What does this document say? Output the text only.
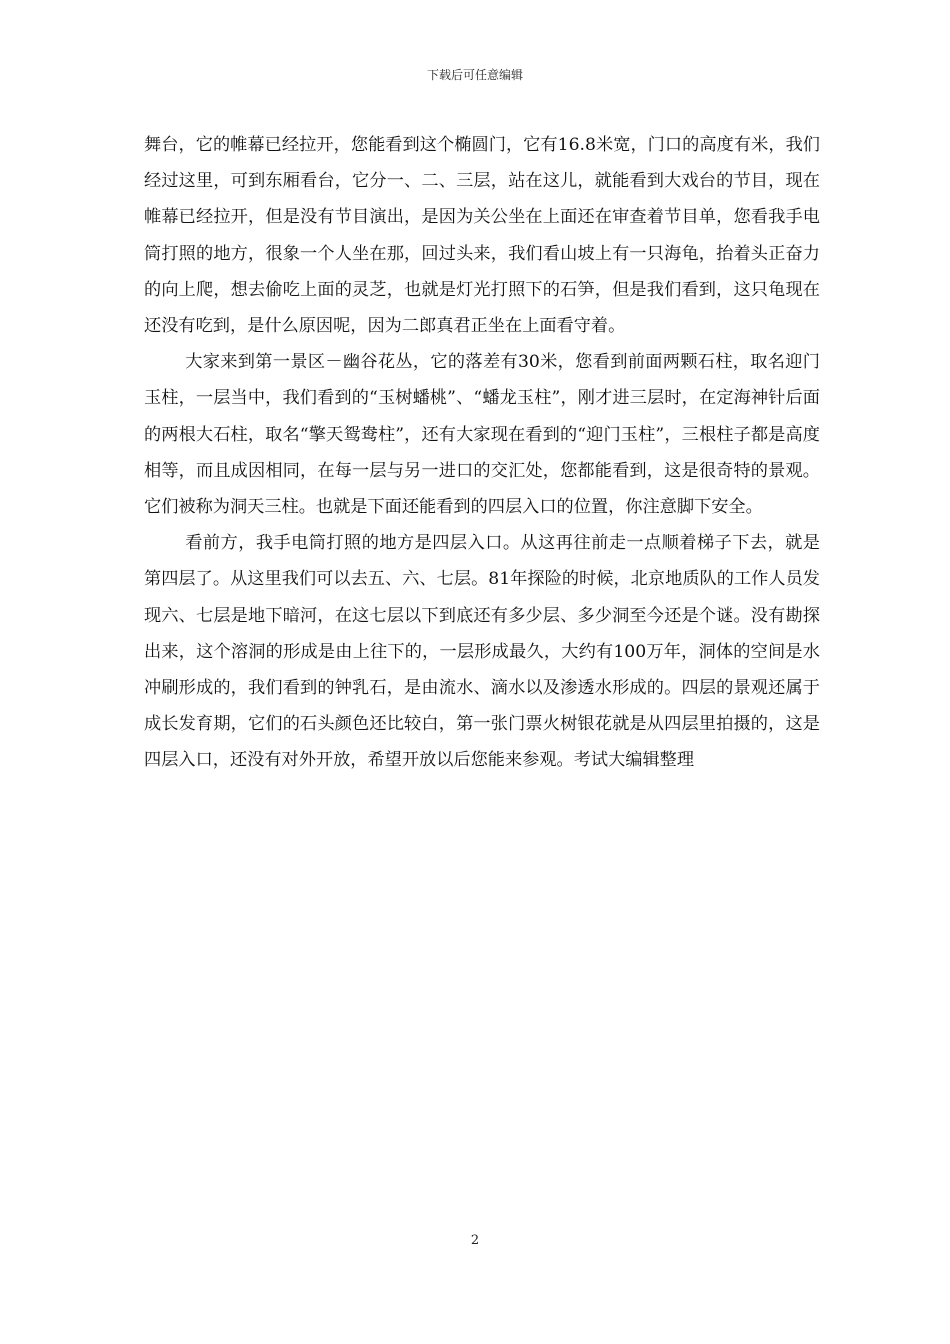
下载后可任意编辑

舞台，它的帷幕已经拉开，您能看到这个椭圆门，它有16.8米宽，门口的高度有米，我们经过这里，可到东厢看台，它分一、二、三层，站在这儿，就能看到大戏台的节目，现在帷幕已经拉开，但是没有节目演出，是因为关公坐在上面还在审查着节目单，您看我手电筒打照的地方，很象一个人坐在那，回过头来，我们看山坡上有一只海龟，抬着头正奋力的向上爬，想去偷吃上面的灵芝，也就是灯光打照下的石笋，但是我们看到，这只龟现在还没有吃到，是什么原因呢，因为二郎真君正坐在上面看守着。

大家来到第一景区－幽谷花丛，它的落差有30米，您看到前面两颗石柱，取名迎门玉柱，一层当中，我们看到的“玉树蟠桃”、“蟠龙玉柱”，刚才进三层时，在定海神针后面的两根大石柱，取名“擎天鸳鸯柱”，还有大家现在看到的“迎门玉柱”，三根柱子都是高度相等，而且成因相同，在每一层与另一进口的交汇处，您都能看到，这是很奇特的景观。它们被称为洞天三柱。也就是下面还能看到的四层入口的位置，你注意脚下安全。

看前方，我手电筒打照的地方是四层入口。从这再往前走一点顺着梯子下去，就是第四层了。从这里我们可以去五、六、七层。81年探险的时候，北京地质队的工作人员发现六、七层是地下暗河，在这七层以下到底还有多少层、多少洞至今还是个谜。没有勘探出来，这个溶洞的形成是由上往下的，一层形成最久，大约有100万年，洞体的空间是水冲刷形成的，我们看到的钟乳石，是由流水、滴水以及渗透水形成的。四层的景观还属于成长发育期，它们的石头颜色还比较白，第一张门票火树银花就是从四层里拍摄的，这是四层入口，还没有对外开放，希望开放以后您能来参观。考试大编辑整理

2
